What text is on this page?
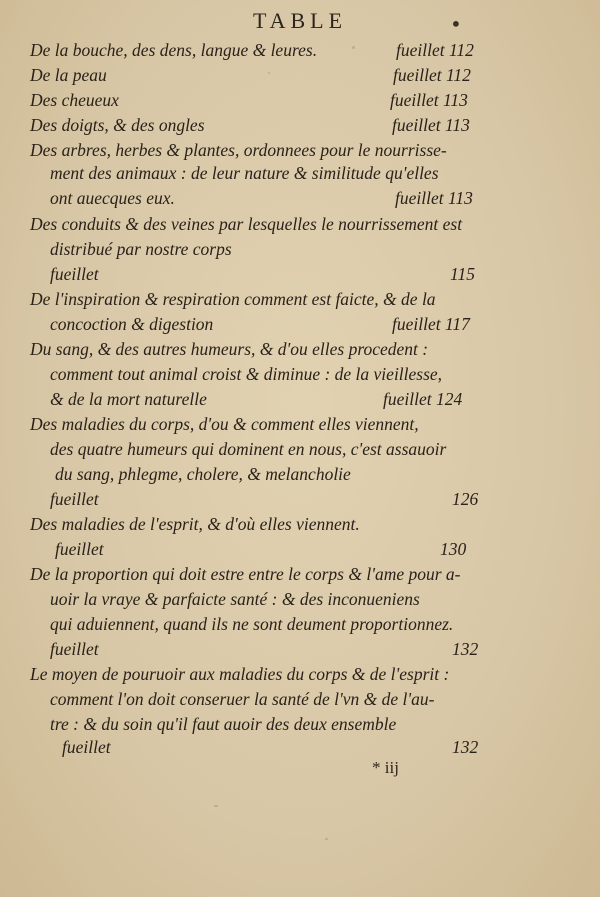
TABLE	•
De la bouche, des dens, langue & leures.	fueillet 112
De la peau	fueillet 112
Des cheueux	fueillet 113
Des doigts, & des ongles	fueillet 113
Des arbres, herbes & plantes, ordonnees pour le nourrisse-
ment des animaux : de leur nature & similitude qu'elles
ont auecques eux.	fueillet 113
Des conduits & des veines par lesquelles le nourrissement est
distribué par nostre corps
fueillet	115
De l'inspiration & respiration comment est faicte, & de la
concoction & digestion	fueillet 117
Du sang, & des autres humeurs, & d'ou elles procedent :
comment tout animal croist & diminue : de la vieillesse,
& de la mort naturelle	fueillet 124
Des maladies du corps, d'ou & comment elles viennent,
des quatre humeurs qui dominent en nous, c'est assauoir
du sang, phlegme, cholere, & melancholie
fueillet	126
Des maladies de l'esprit, & d'où elles viennent.
fueillet	130
De la proportion qui doit estre entre le corps & l'ame pour a-
uoir la vraye & parfaicte santé : & des inconueniens
qui aduiennent, quand ils ne sont deument proportionnez.
fueillet	132
Le moyen de pouruoir aux maladies du corps & de l'esprit :
comment l'on doit conseruer la santé de l'vn & de l'au-
tre : & du soin qu'il faut auoir des deux ensemble
fueillet	132
* iij
